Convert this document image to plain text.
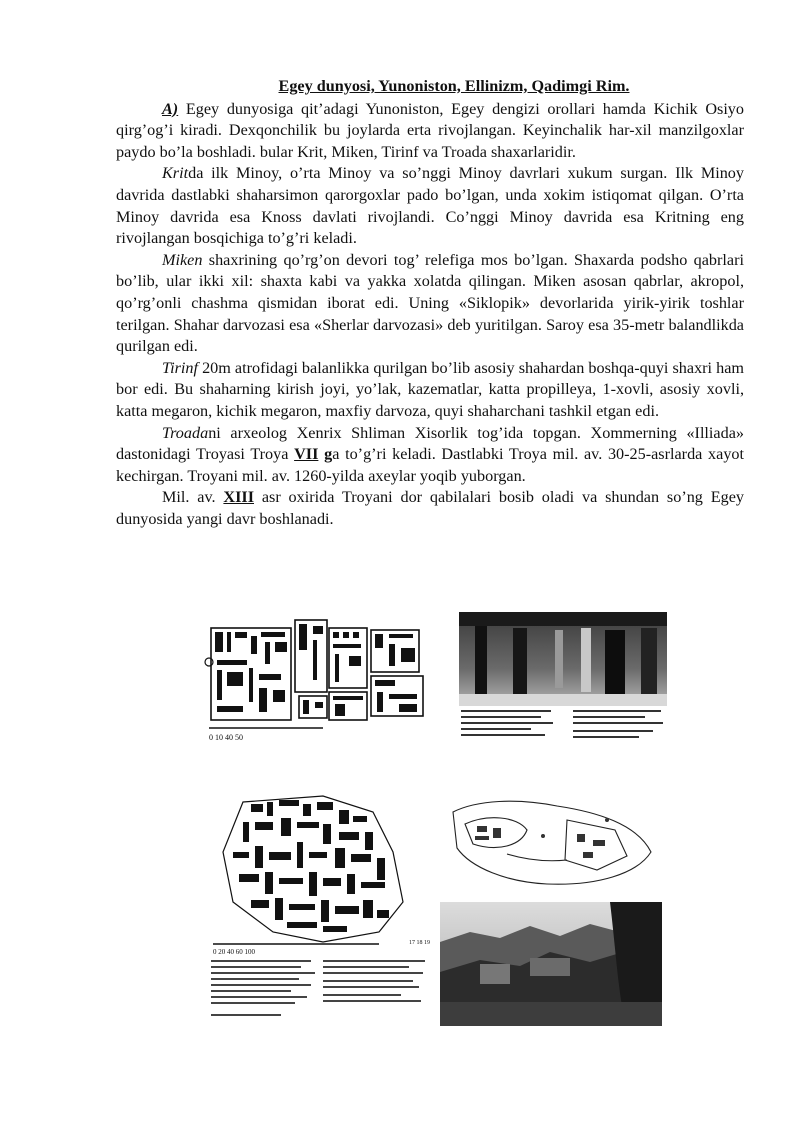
Egey dunyosi, Yunoniston, Ellinizm, Qadimgi Rim.

A) Egey dunyosiga qit’adagi Yunoniston, Egey dengizi orollari hamda Kichik Osiyo qirg’og’i kiradi. Dexqonchilik bu joylarda erta rivojlangan. Keyinchalik har-xil manzilgoxlar paydo bo’la boshladi. bular Krit, Miken, Tirinf va Troada shaxarlaridir.

Kritda ilk Minoy, o’rta Minoy va so’nggi Minoy davrlari xukum surgan. Ilk Minoy davrida dastlabki shaharsimon qarorgoxlar pado bo’lgan, unda xokim istiqomat qilgan. O’rta Minoy davrida esa Knoss davlati rivojlandi. Co’nggi Minoy davrida esa Kritning eng rivojlangan bosqichiga to’g’ri keladi.

Miken shaxrining qo’rg’on devori tog’ relefiga mos bo’lgan. Shaxarda podsho qabrlari bo’lib, ular ikki xil: shaxta kabi va yakka xolatda qilingan. Miken asosan qabrlar, akropol, qo’rg’onli chashma qismidan iborat edi. Uning «Siklopik» devorlarida yirik-yirik toshlar terilgan. Shahar darvozasi esa «Sherlar darvozasi» deb yuritilgan. Saroy esa 35-metr balandlikda qurilgan edi.

Tirinf 20m atrofidagi balanlikka qurilgan bo’lib asosiy shahardan boshqa-quyi shaxri ham bor edi. Bu shaharning kirish joyi, yo’lak, kazematlar, katta propilleya, 1-xovli, asosiy xovli, katta megaron, kichik megaron, maxfiy darvoza, quyi shaharchani tashkil etgan edi.

Troadani arxeolog Xenrix Shliman Xisorlik tog’ida topgan. Xommerning «Illiada» dastonidagi Troyasi Troya VII ga to’g’ri keladi. Dastlabki Troya mil. av. 30-25-asrlarda xayot kechirgan. Troyani mil. av. 1260-yilda axeylar yoqib yuborgan.

Mil. av. XIII asr oxirida Troyani dor qabilalari bosib oladi va shundan so’ng Egey dunyosida yangi davr boshlanadi.

0 10 40 50
0 20 40 60 100
17 18 19
